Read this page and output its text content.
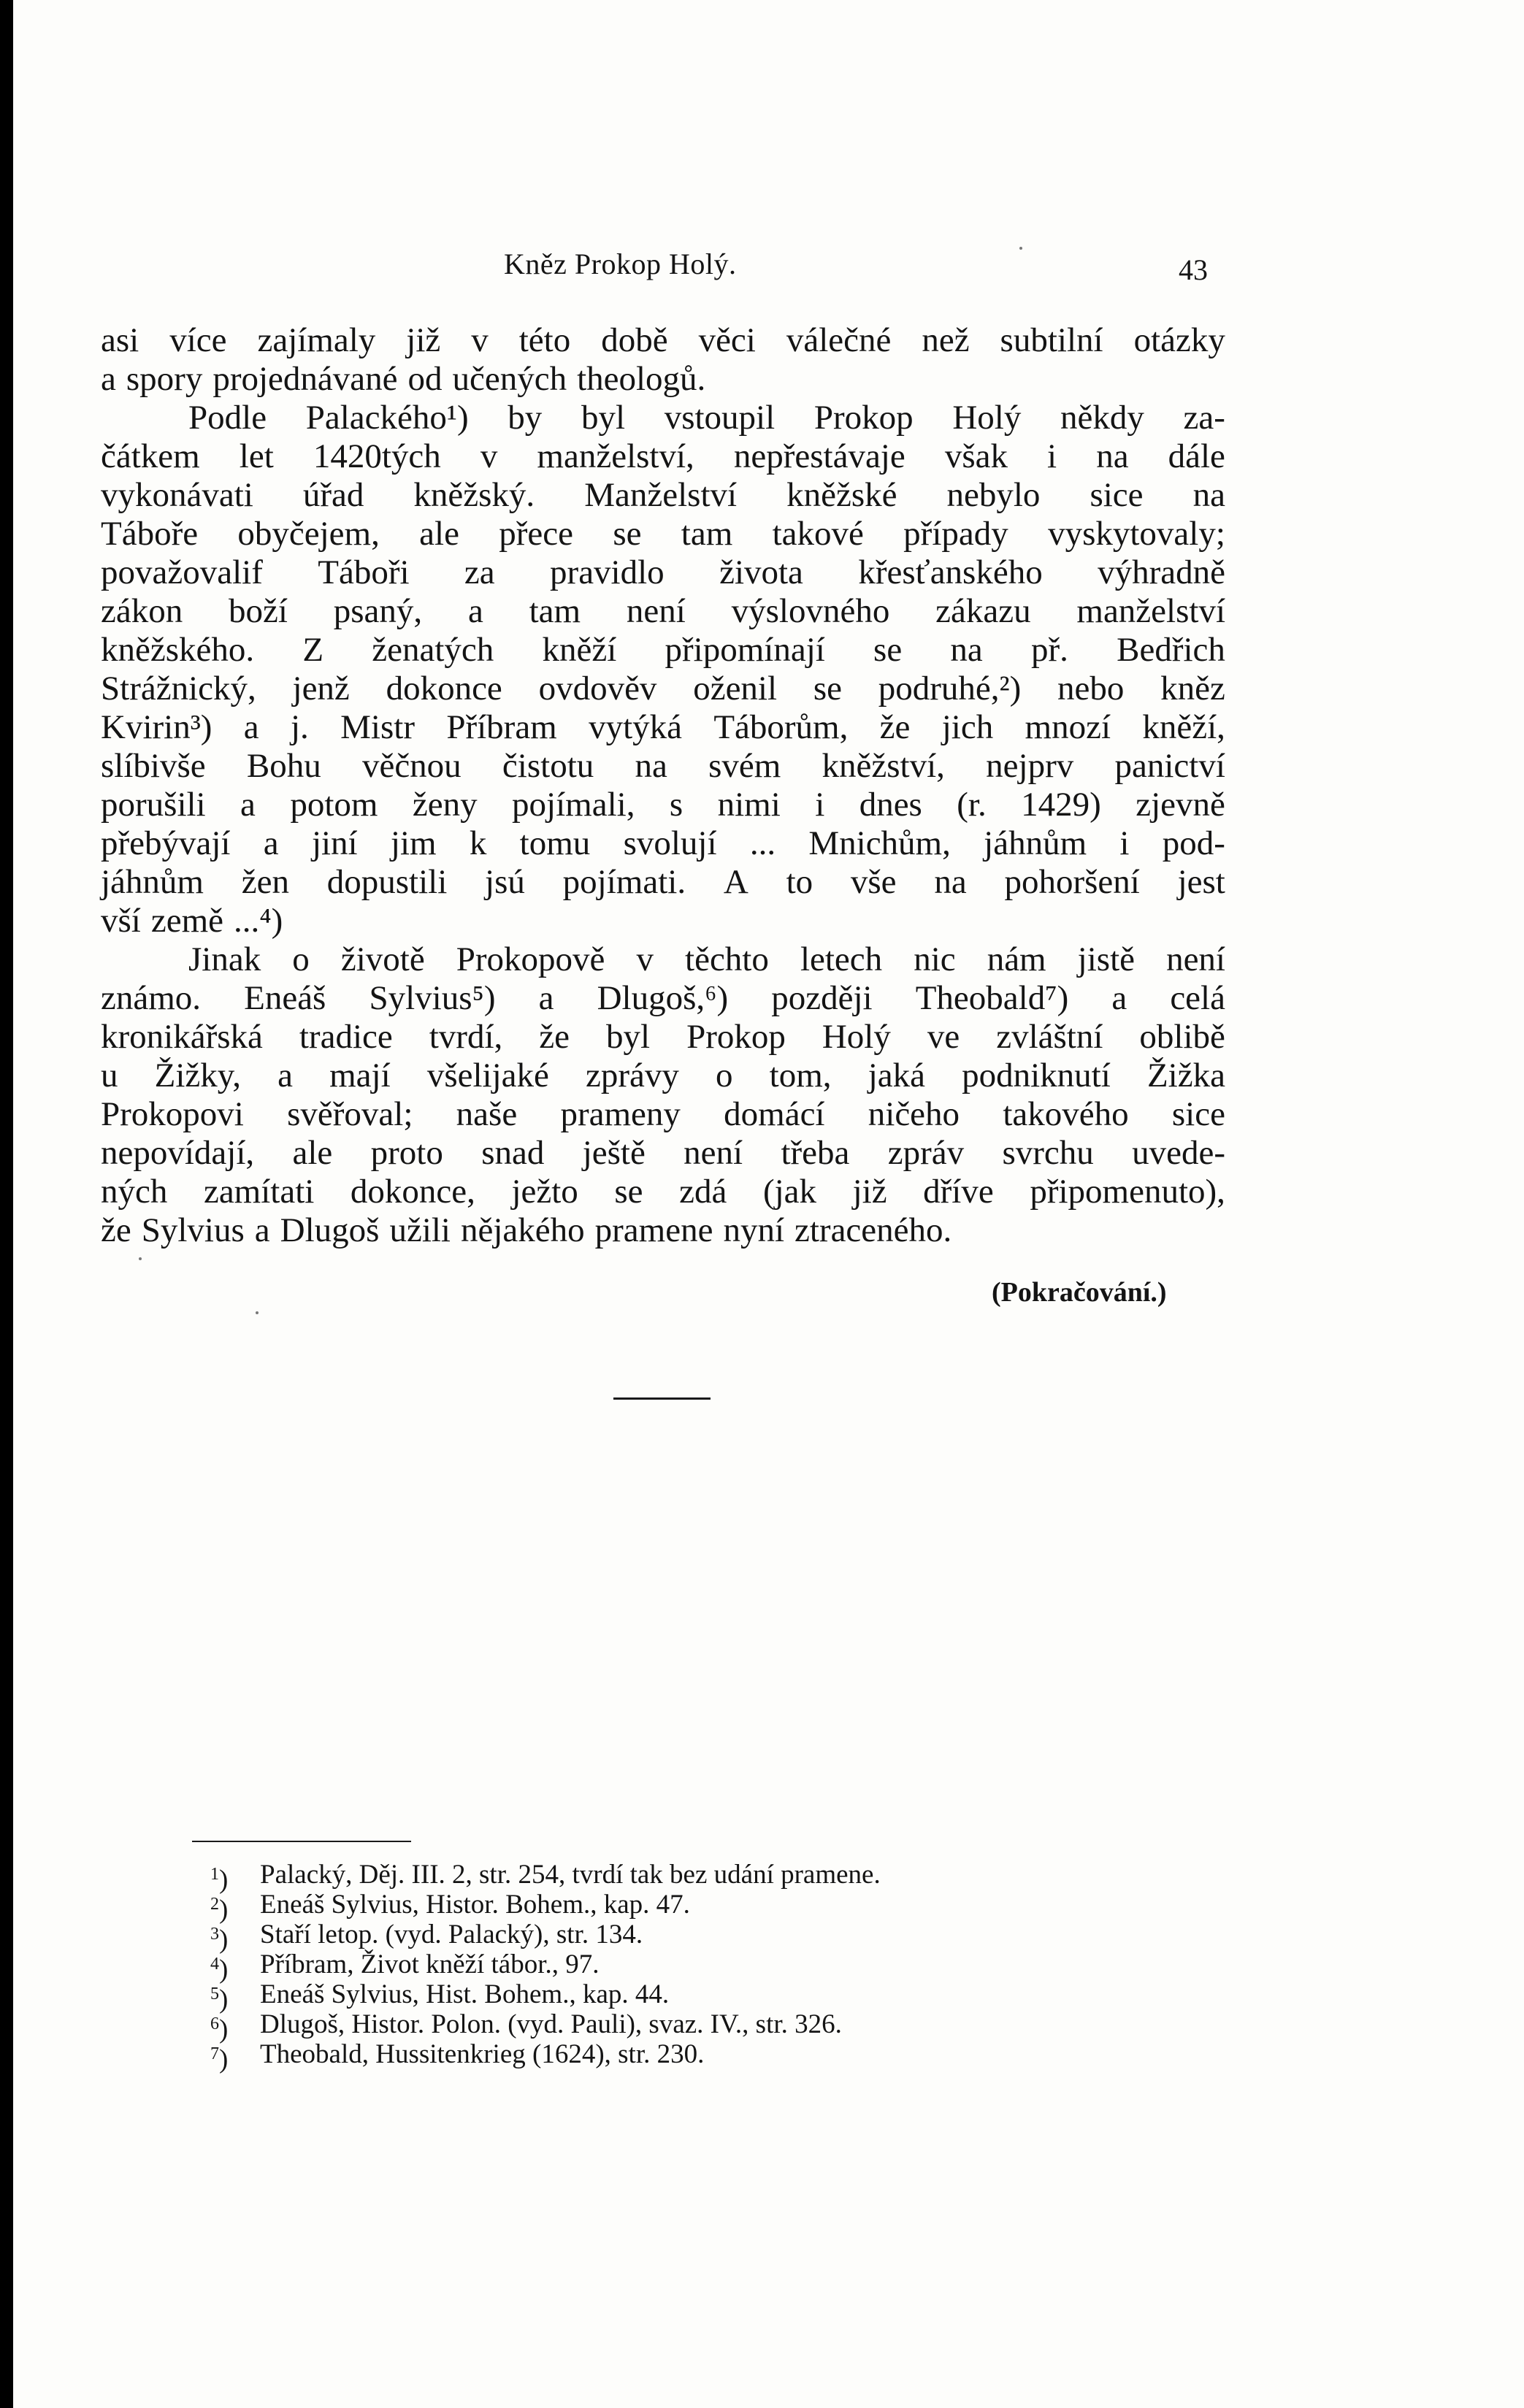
Kněz Prokop Holý.	43
asi více zajímaly již v této době věci válečné než subtilní otázky
a spory projednávané od učených theologů.
Podle Palackého¹) by byl vstoupil Prokop Holý někdy za-
čátkem let 1420tých v manželství, nepřestávaje však i na dále
vykonávati úřad kněžský. Manželství kněžské nebylo sice na
Táboře obyčejem, ale přece se tam takové případy vyskytovaly;
považovalif Táboři za pravidlo života křesťanského výhradně
zákon boží psaný, a tam není výslovného zákazu manželství
kněžského. Z ženatých kněží připomínají se na př. Bedřich
Strážnický, jenž dokonce ovdověv oženil se podruhé,²) nebo kněz
Kvirin³) a j. Mistr Příbram vytýká Táborům, že jich mnozí kněží,
slíbivše Bohu věčnou čistotu na svém kněžství, nejprv panictví
porušili a potom ženy pojímali, s nimi i dnes (r. 1429) zjevně
přebývají a jiní jim k tomu svolují ... Mnichům, jáhnům i pod-
jáhnům žen dopustili jsú pojímati. A to vše na pohoršení jest
vší země ...⁴)
Jinak o životě Prokopově v těchto letech nic nám jistě není
známo. Eneáš Sylvius⁵) a Dlugoš,⁶) později Theobald⁷) a celá
kronikářská tradice tvrdí, že byl Prokop Holý ve zvláštní oblibě
u Žižky, a mají všelijaké zprávy o tom, jaká podniknutí Žižka
Prokopovi svěřoval; naše prameny domácí ničeho takového sice
nepovídají, ale proto snad ještě není třeba zpráv svrchu uvede-
ných zamítati dokonce, ježto se zdá (jak již dříve připomenuto),
že Sylvius a Dlugoš užili nějakého pramene nyní ztraceného.
(Pokračování.)
$^1$)	Palacký, Děj. III. 2, str. 254, tvrdí tak bez udání pramene.
$^2$)	Eneáš Sylvius, Histor. Bohem., kap. 47.
$^3$)	Staří letop. (vyd. Palacký), str. 134.
$^4$)	Příbram, Život kněží tábor., 97.
$^5$)	Eneáš Sylvius, Hist. Bohem., kap. 44.
$^6$)	Dlugoš, Histor. Polon. (vyd. Pauli), svaz. IV., str. 326.
$^7$)	Theobald, Hussitenkrieg (1624), str. 230.
